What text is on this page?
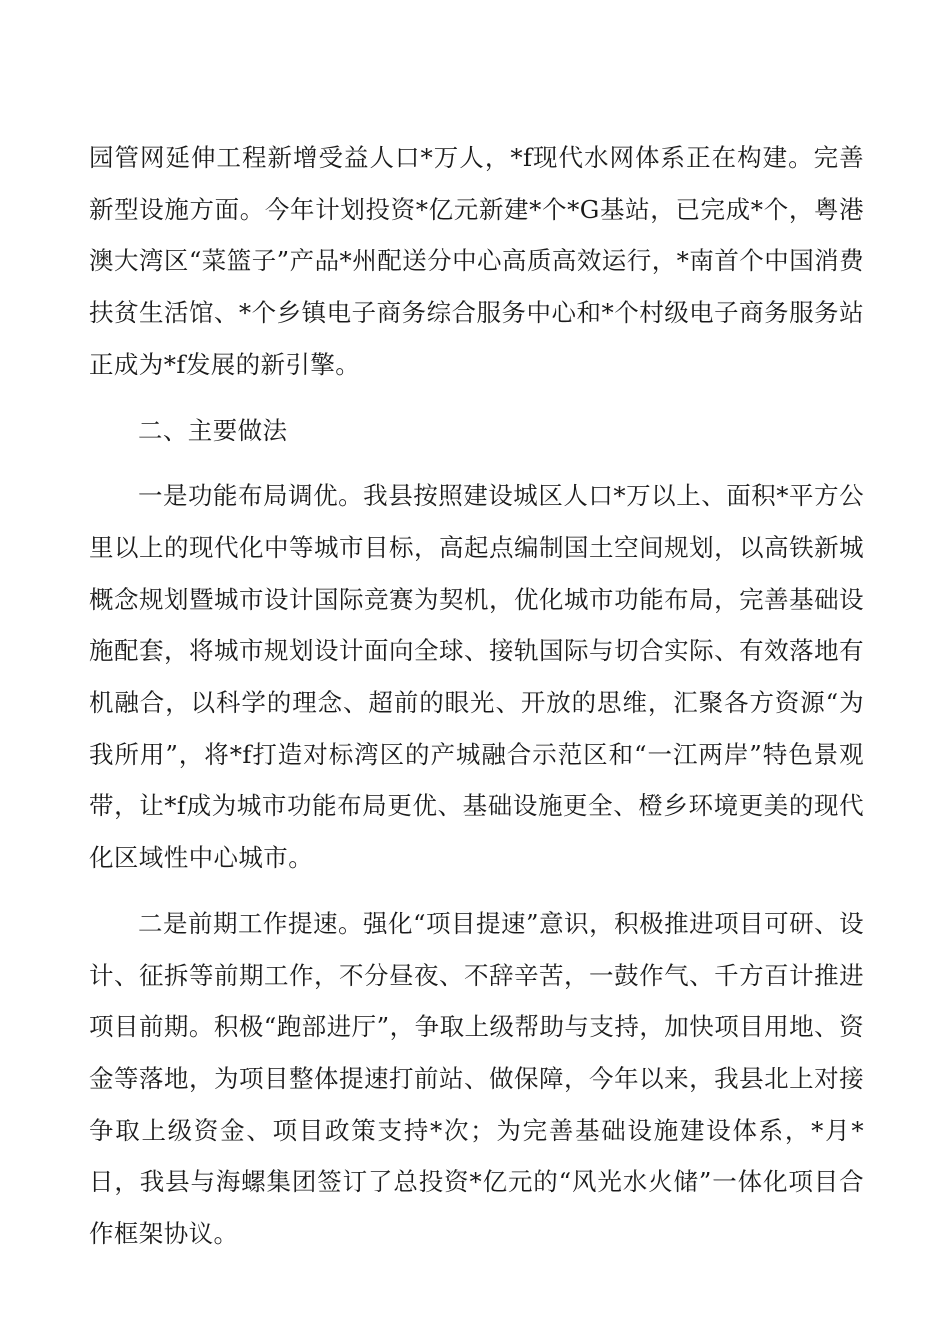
园管网延伸工程新增受益人口*万人，*f现代水网体系正在构建。完善新型设施方面。今年计划投资*亿元新建*个*G基站，已完成*个，粤港澳大湾区“菜篮子”产品*州配送分中心高质高效运行，*南首个中国消费扶贫生活馆、*个乡镇电子商务综合服务中心和*个村级电子商务服务站正成为*f发展的新引擎。

二、主要做法

一是功能布局调优。我县按照建设城区人口*万以上、面积*平方公里以上的现代化中等城市目标，高起点编制国土空间规划，以高铁新城概念规划暨城市设计国际竞赛为契机，优化城市功能布局，完善基础设施配套，将城市规划设计面向全球、接轨国际与切合实际、有效落地有机融合，以科学的理念、超前的眼光、开放的思维，汇聚各方资源“为我所用”，将*f打造对标湾区的产城融合示范区和“一江两岸”特色景观带，让*f成为城市功能布局更优、基础设施更全、橙乡环境更美的现代化区域性中心城市。

二是前期工作提速。强化“项目提速”意识，积极推进项目可研、设计、征拆等前期工作，不分昼夜、不辞辛苦，一鼓作气、千方百计推进项目前期。积极“跑部进厅”，争取上级帮助与支持，加快项目用地、资金等落地，为项目整体提速打前站、做保障，今年以来，我县北上对接争取上级资金、项目政策支持*次；为完善基础设施建设体系，*月*日，我县与海螺集团签订了总投资*亿元的“风光水火储”一体化项目合作框架协议。
